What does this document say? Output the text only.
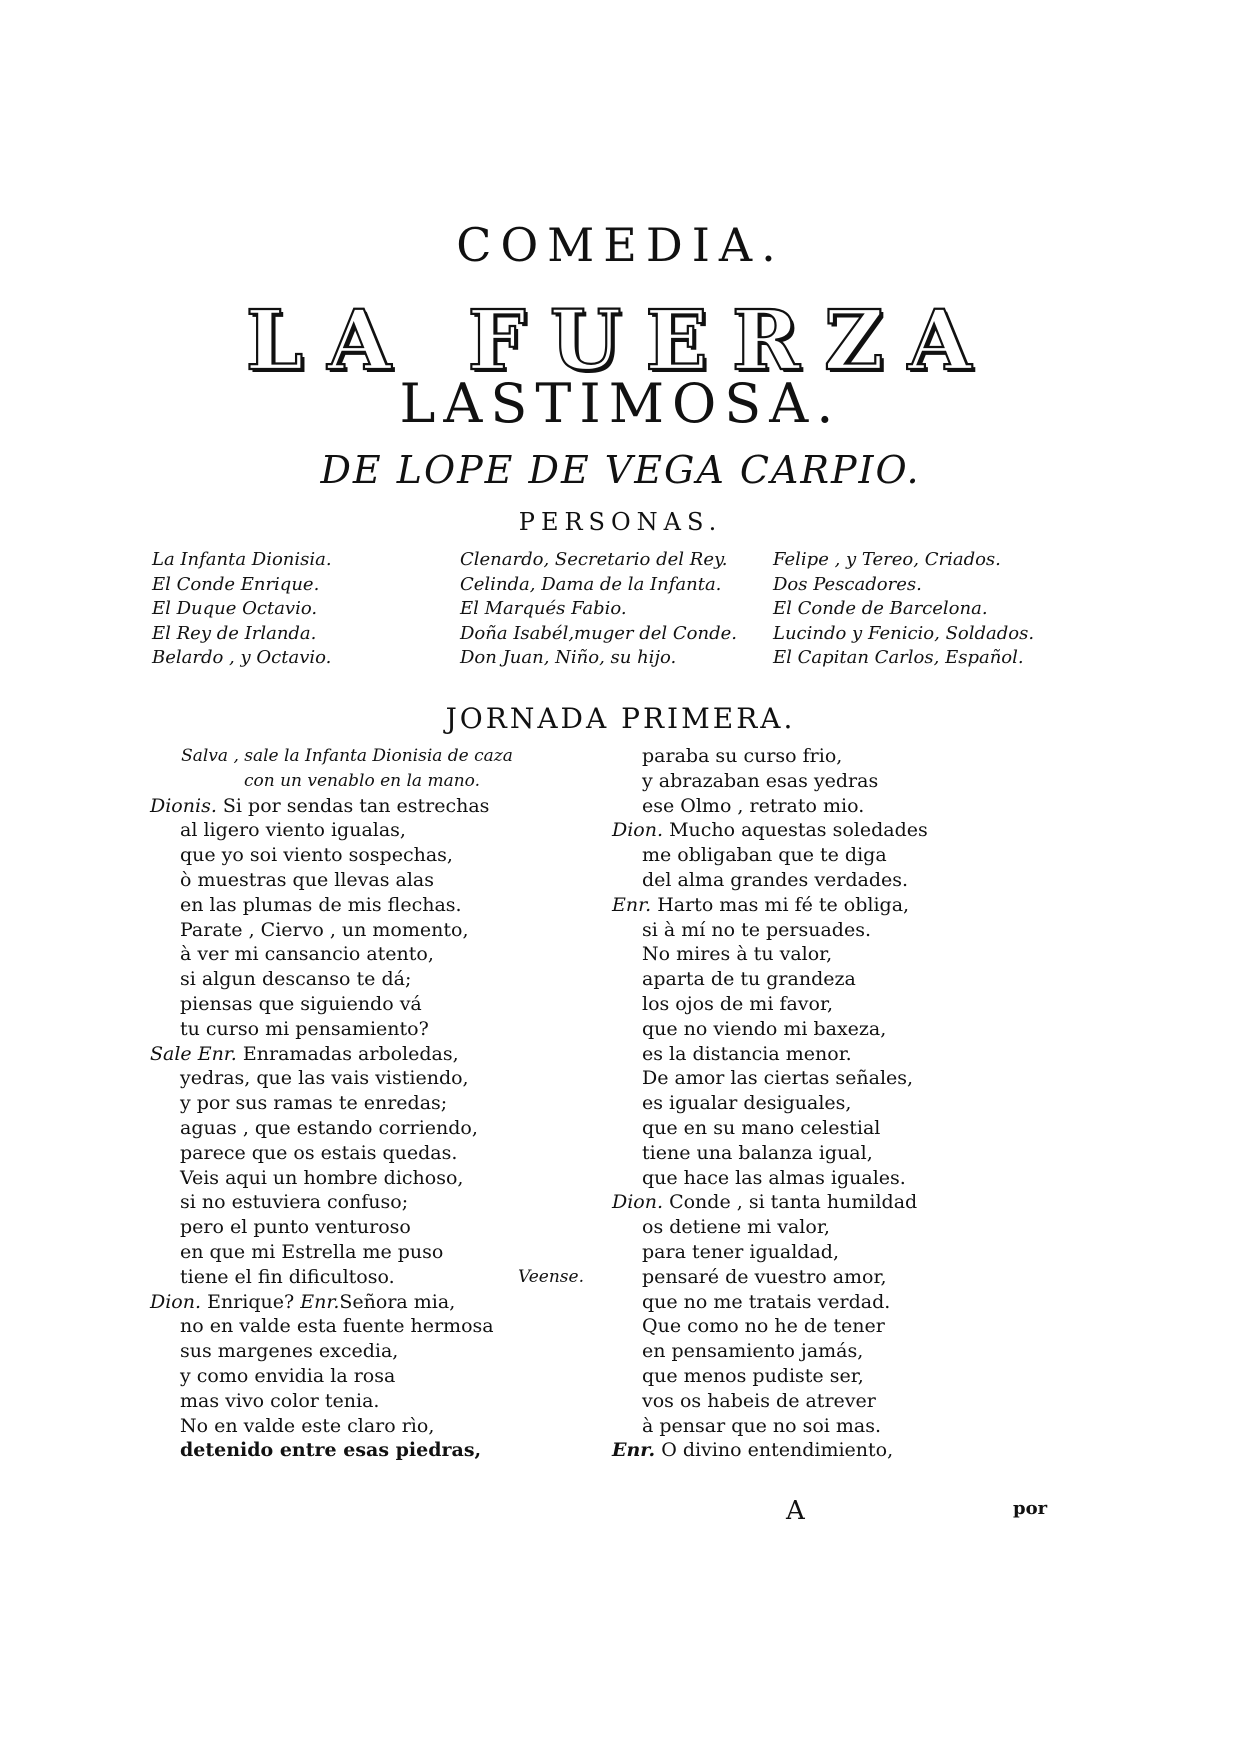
COMEDIA.
LA FUERZA
LASTIMOSA.
DE LOPE DE VEGA CARPIO.
PERSONAS.
La Infanta Dionisia.
El Conde Enrique.
El Duque Octavio.
El Rey de Irlanda.
Belardo , y Octavio.
Clenardo, Secretario del Rey.
Celinda, Dama de la Infanta.
El Marqués Fabio.
Doña Isabél,muger del Conde.
Don Juan, Niño, su hijo.
Felipe , y Tereo, Criados.
Dos Pescadores.
El Conde de Barcelona.
Lucindo y Fenicio, Soldados.
El Capitan Carlos, Español.
JORNADA PRIMERA.
Salva , sale la Infanta Dionisia de caza
con un venablo en la mano.
Dionis. Si por sendas tan estrechas
al ligero viento igualas,
que yo soi viento sospechas,
ò muestras que llevas alas
en las plumas de mis flechas.
Parate , Ciervo , un momento,
à ver mi cansancio atento,
si algun descanso te dá;
piensas que siguiendo vá
tu curso mi pensamiento?
Sale Enr. Enramadas arboledas,
yedras, que las vais vistiendo,
y por sus ramas te enredas;
aguas , que estando corriendo,
parece que os estais quedas.
Veis aqui un hombre dichoso,
si no estuviera confuso;
pero el punto venturoso
en que mi Estrella me puso
tiene el fin dificultoso.	Veense.
Dion. Enrique? Enr.Señora mia,
no en valde esta fuente hermosa
sus margenes excedia,
y como envidia la rosa
mas vivo color tenia.
No en valde este claro rìo,
detenido entre esas piedras,
paraba su curso frio,
y abrazaban esas yedras
ese Olmo , retrato mio.
Dion. Mucho aquestas soledades
me obligaban que te diga
del alma grandes verdades.
Enr. Harto mas mi fé te obliga,
si à mí no te persuades.
No mires à tu valor,
aparta de tu grandeza
los ojos de mi favor,
que no viendo mi baxeza,
es la distancia menor.
De amor las ciertas señales,
es igualar desiguales,
que en su mano celestial
tiene una balanza igual,
que hace las almas iguales.
Dion. Conde , si tanta humildad
os detiene mi valor,
para tener igualdad,
pensaré de vuestro amor,
que no me tratais verdad.
Que como no he de tener
en pensamiento jamás,
que menos pudiste ser,
vos os habeis de atrever
à pensar que no soi mas.
Enr. O divino entendimiento,
A	por
